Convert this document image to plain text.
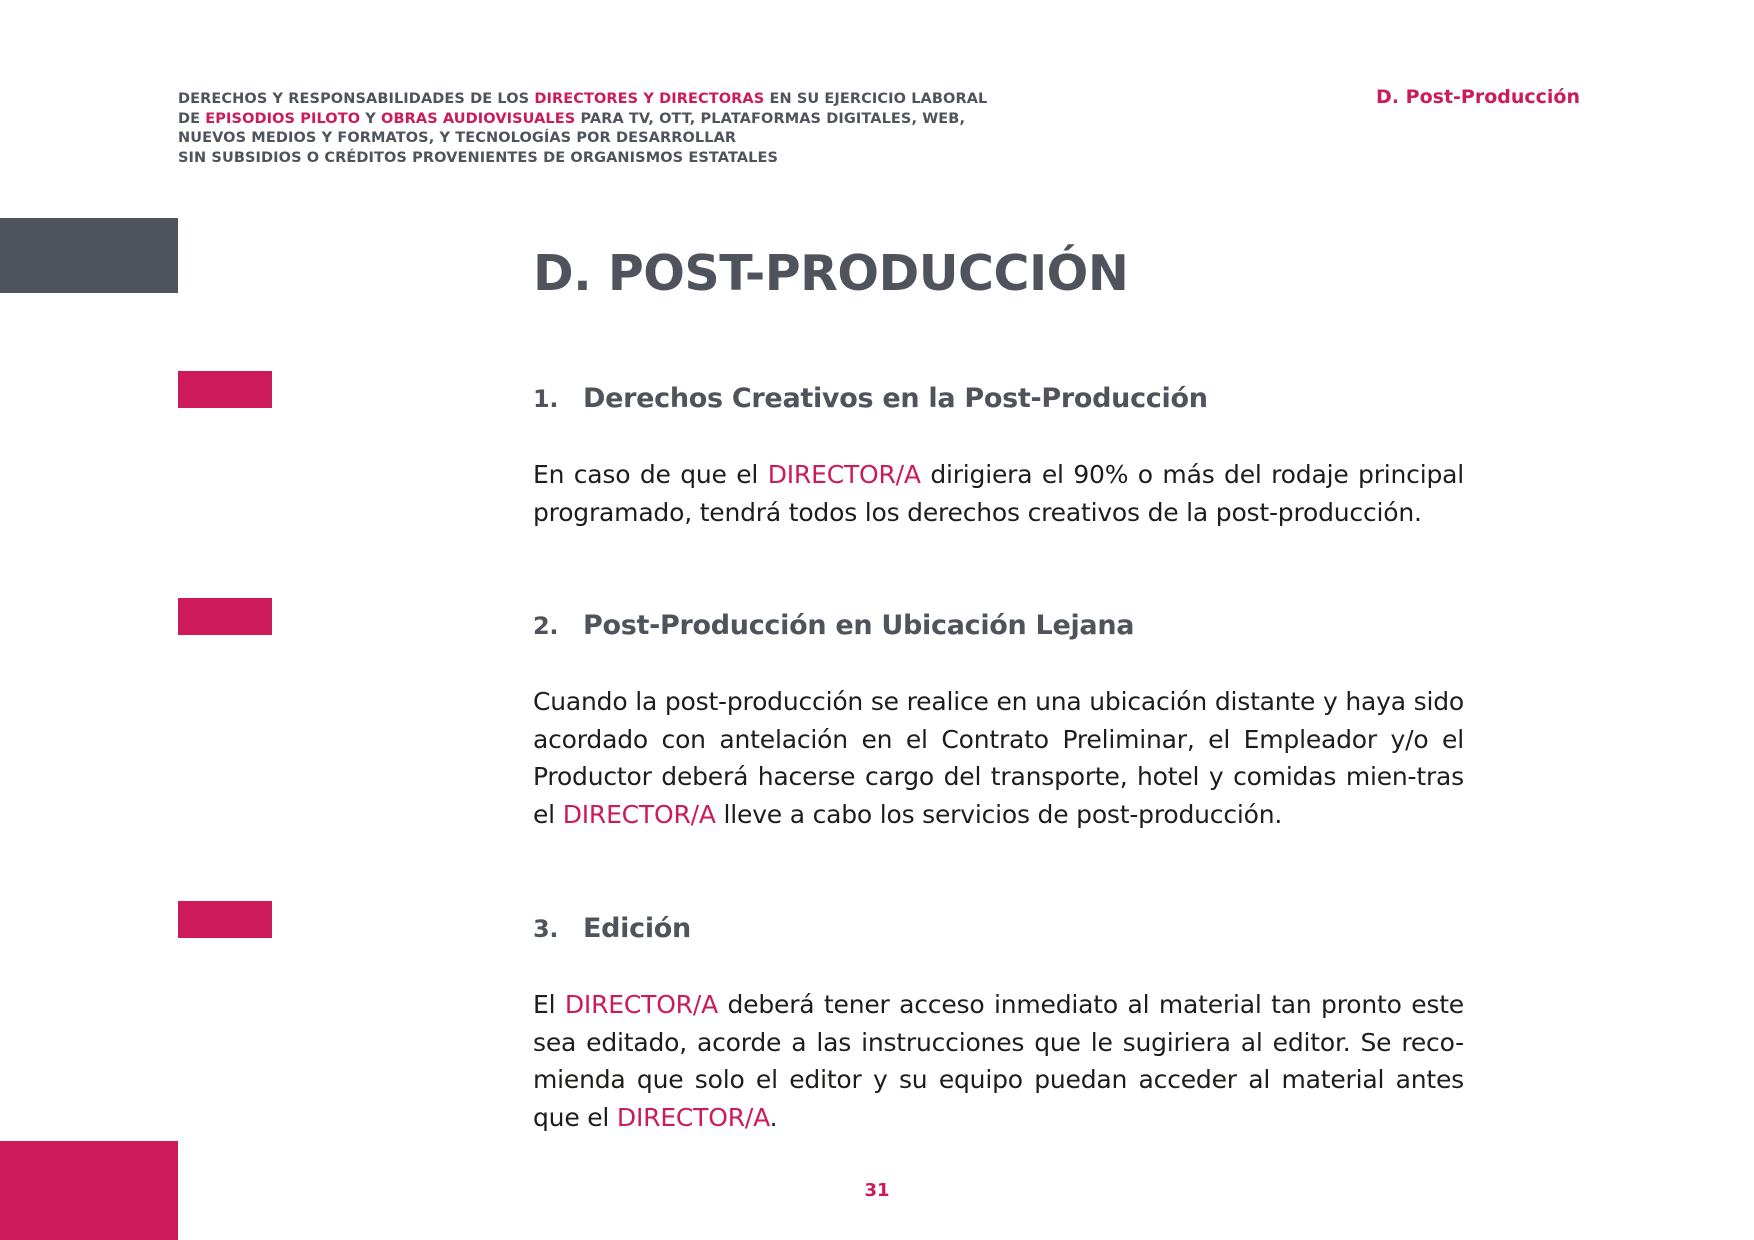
DERECHOS Y RESPONSABILIDADES DE LOS DIRECTORES Y DIRECTORAS EN SU EJERCICIO LABORAL
DE EPISODIOS PILOTO Y OBRAS AUDIOVISUALES PARA TV, OTT, PLATAFORMAS DIGITALES, WEB,
NUEVOS MEDIOS Y FORMATOS, Y TECNOLOGÍAS POR DESARROLLAR
SIN SUBSIDIOS O CRÉDITOS PROVENIENTES DE ORGANISMOS ESTATALES
D. Post-Producción
D. POST-PRODUCCIÓN
1. Derechos Creativos en la Post-Producción

En caso de que el DIRECTOR/A dirigiera el 90% o más del rodaje principal programado, tendrá todos los derechos creativos de la post-producción.

2. Post-Producción en Ubicación Lejana

Cuando la post-producción se realice en una ubicación distante y haya sido acordado con antelación en el Contrato Preliminar, el Empleador y/o el Productor deberá hacerse cargo del transporte, hotel y comidas mien-tras el DIRECTOR/A lleve a cabo los servicios de post-producción.

3. Edición

El DIRECTOR/A deberá tener acceso inmediato al material tan pronto este sea editado, acorde a las instrucciones que le sugiriera al editor. Se reco-mienda que solo el editor y su equipo puedan acceder al material antes que el DIRECTOR/A.

31
